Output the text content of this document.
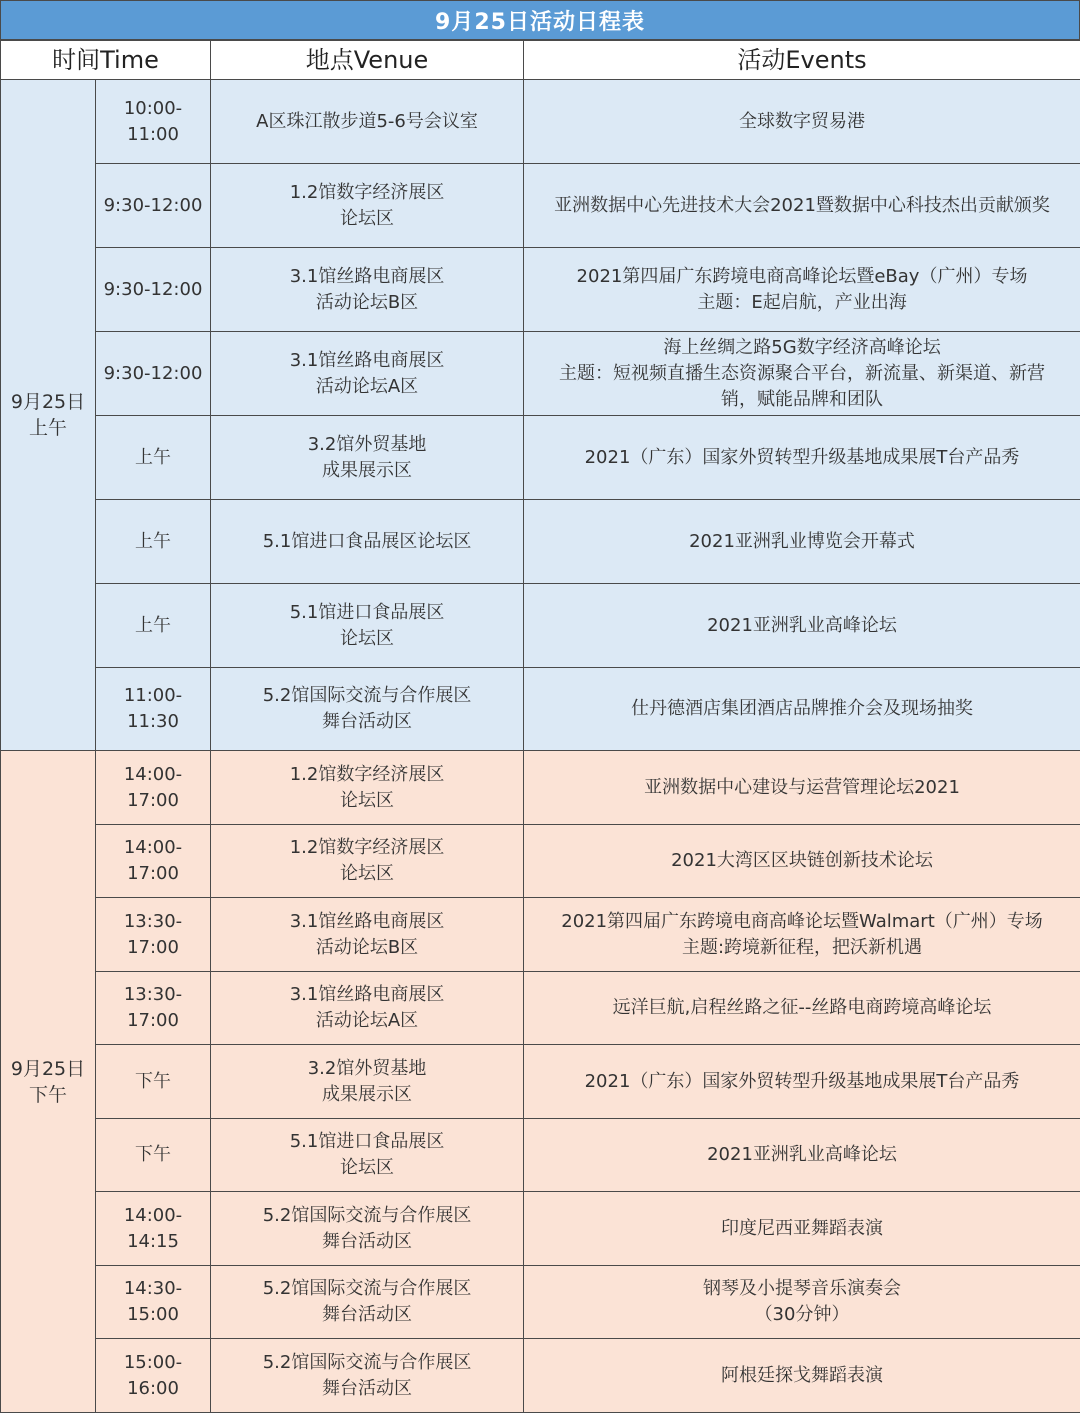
9月25日活动日程表
时间Time		地点Venue	活动Events

9月25日
上午	10:00-11:00	A区珠江散步道5-6号会议室	全球数字贸易港

	9:30-12:00	1.2馆数字经济展区
论坛区	亚洲数据中心先进技术大会2021暨数据中心科技杰出贡献颁奖

	9:30-12:00	3.1馆丝路电商展区
活动论坛B区	2021第四届广东跨境电商高峰论坛暨eBay（广州）专场
主题：E起启航，产业出海

	9:30-12:00	3.1馆丝路电商展区
活动论坛A区	海上丝绸之路5G数字经济高峰论坛
主题：短视频直播生态资源聚合平台，新流量、新渠道、新营
销，赋能品牌和团队

	上午	3.2馆外贸基地
成果展示区	2021（广东）国家外贸转型升级基地成果展T台产品秀

	上午	5.1馆进口食品展区论坛区	2021亚洲乳业博览会开幕式

	上午	5.1馆进口食品展区
论坛区	2021亚洲乳业高峰论坛

	11:00-11:30	5.2馆国际交流与合作展区
舞台活动区	仕丹德酒店集团酒店品牌推介会及现场抽奖

9月25日
下午	14:00-17:00	1.2馆数字经济展区
论坛区	亚洲数据中心建设与运营管理论坛2021

	14:00-17:00	1.2馆数字经济展区
论坛区	2021大湾区区块链创新技术论坛

	13:30-17:00	3.1馆丝路电商展区
活动论坛B区	2021第四届广东跨境电商高峰论坛暨Walmart（广州）专场
主题:跨境新征程，把沃新机遇

	13:30-17:00	3.1馆丝路电商展区
活动论坛A区	远洋巨航,启程丝路之征--丝路电商跨境高峰论坛

	下午	3.2馆外贸基地
成果展示区	2021（广东）国家外贸转型升级基地成果展T台产品秀

	下午	5.1馆进口食品展区
论坛区	2021亚洲乳业高峰论坛

	14:00-14:15	5.2馆国际交流与合作展区
舞台活动区	印度尼西亚舞蹈表演

	14:30-15:00	5.2馆国际交流与合作展区
舞台活动区	钢琴及小提琴音乐演奏会
（30分钟）

	15:00-16:00	5.2馆国际交流与合作展区
舞台活动区	阿根廷探戈舞蹈表演
